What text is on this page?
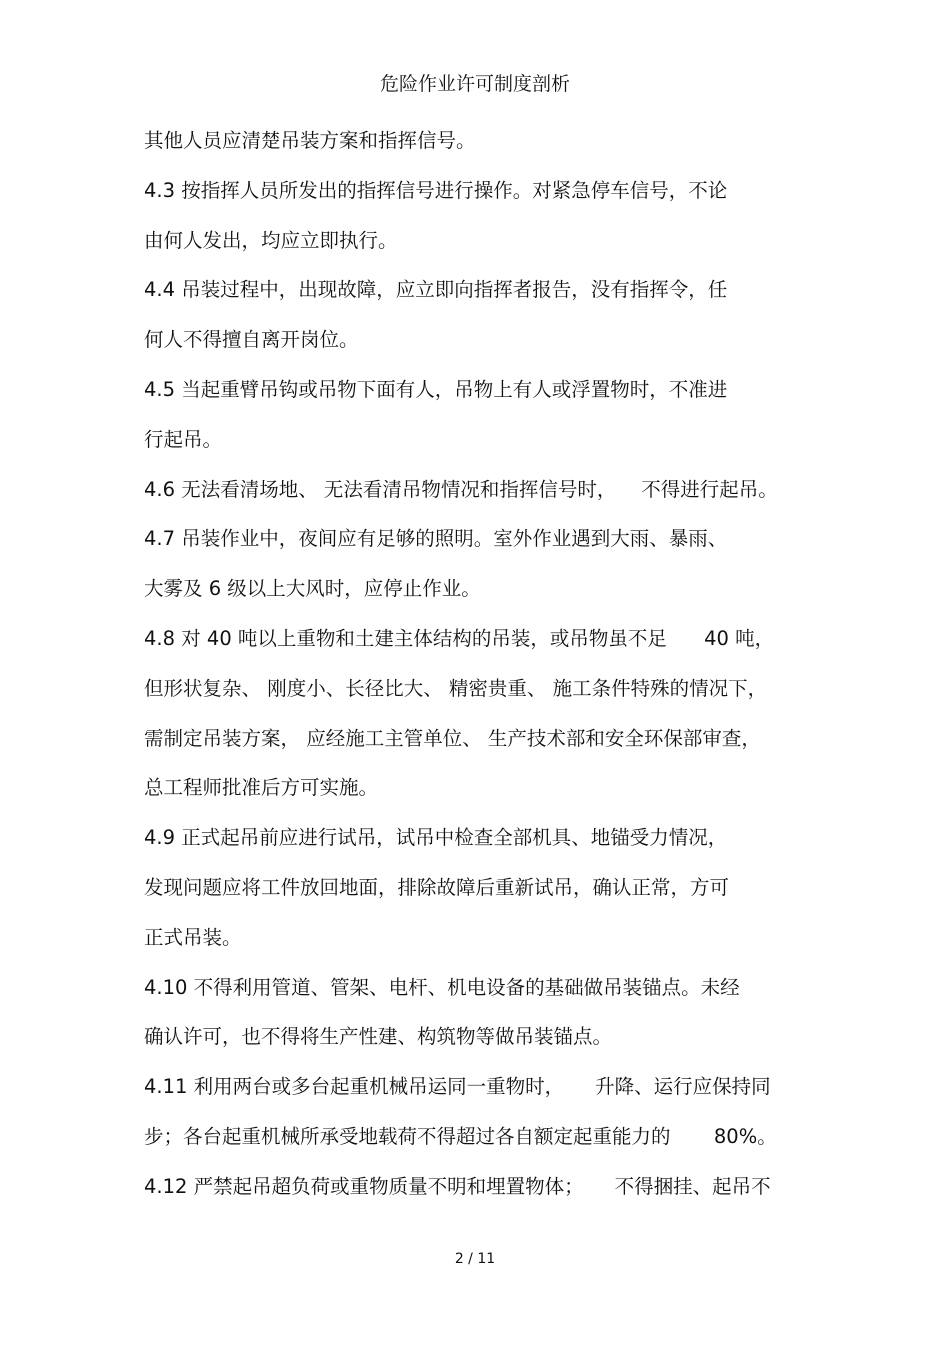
危险作业许可制度剖析
其他人员应清楚吊装方案和指挥信号。
4.3 按指挥人员所发出的指挥信号进行操作。对紧急停车信号，不论
由何人发出，均应立即执行。
4.4 吊装过程中，出现故障，应立即向指挥者报告，没有指挥令，任
何人不得擅自离开岗位。
4.5 当起重臂吊钩或吊物下面有人，吊物上有人或浮置物时，不准进
行起吊。
4.6 无法看清场地、 无法看清吊物情况和指挥信号时，    不得进行起吊。
4.7 吊装作业中，夜间应有足够的照明。室外作业遇到大雨、暴雨、
大雾及 6 级以上大风时，应停止作业。
4.8 对 40 吨以上重物和土建主体结构的吊装，或吊物虽不足      40 吨，
但形状复杂、 刚度小、长径比大、 精密贵重、 施工条件特殊的情况下，
需制定吊装方案， 应经施工主管单位、 生产技术部和安全环保部审查，
总工程师批准后方可实施。
4.9 正式起吊前应进行试吊，试吊中检查全部机具、地锚受力情况，
发现问题应将工件放回地面，排除故障后重新试吊，确认正常，方可
正式吊装。
4.10 不得利用管道、管架、电杆、机电设备的基础做吊装锚点。未经
确认许可，也不得将生产性建、构筑物等做吊装锚点。
4.11 利用两台或多台起重机械吊运同一重物时，     升降、运行应保持同
步；各台起重机械所承受地载荷不得超过各自额定起重能力的       80%。
4.12 严禁起吊超负荷或重物质量不明和埋置物体；     不得捆挂、起吊不
2 / 11
